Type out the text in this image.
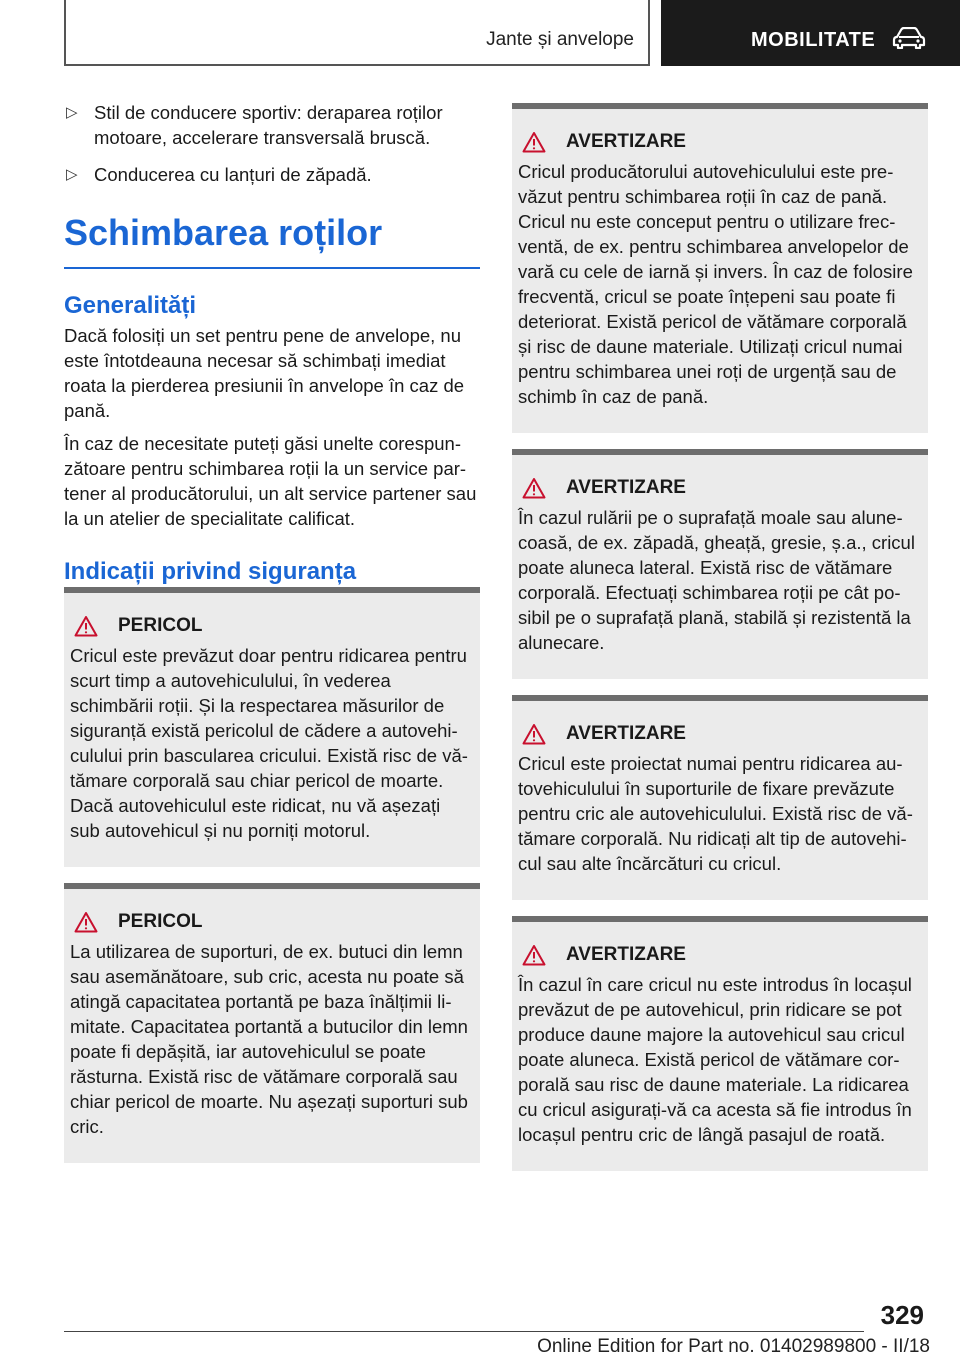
Jante și anvelope	MOBILITATE
▷ Stil de conducere sportiv: deraparea roților motoare, accelerare transversală bruscă.
▷ Conducerea cu lanțuri de zăpadă.
Schimbarea roților
Generalități

Dacă folosiți un set pentru pene de anvelope, nu este întotdeauna necesar să schimbați imediat roata la pierderea presiunii în anvelope în caz de pană.

În caz de necesitate puteți găsi unelte corespunzătoare pentru schimbarea roții la un service partener al producătorului, un alt service partener sau la un atelier de specialitate calificat.

Indicații privind siguranța
PERICOL

Cricul este prevăzut doar pentru ridicarea pentru scurt timp a autovehiculului, în vederea schimbării roții. Și la respectarea măsurilor de siguranță există pericolul de cădere a autovehiculului prin bascularea cricului. Există risc de vătămare corporală sau chiar pericol de moarte. Dacă autovehiculul este ridicat, nu vă așezați sub autovehicul și nu porniți motorul.

PERICOL

La utilizarea de suporturi, de ex. butuci din lemn sau asemănătoare, sub cric, acesta nu poate să atingă capacitatea portantă pe baza înălțimii limitate. Capacitatea portantă a butucilor din lemn poate fi depășită, iar autovehiculul se poate răsturna. Există risc de vătămare corporală sau chiar pericol de moarte. Nu așezați suporturi sub cric.

AVERTIZARE

Cricul producătorului autovehiculului este prevăzut pentru schimbarea roții în caz de pană. Cricul nu este conceput pentru o utilizare frecventă, de ex. pentru schimbarea anvelopelor de vară cu cele de iarnă și invers. În caz de folosire frecventă, cricul se poate înțepeni sau poate fi deteriorat. Există pericol de vătămare corporală și risc de daune materiale. Utilizați cricul numai pentru schimbarea unei roți de urgență sau de schimb în caz de pană.

AVERTIZARE

În cazul rulării pe o suprafață moale sau alunecoasă, de ex. zăpadă, gheață, gresie, ș.a., cricul poate aluneca lateral. Există risc de vătămare corporală. Efectuați schimbarea roții pe cât posibil pe o suprafață plană, stabilă și rezistentă la alunecare.

AVERTIZARE

Cricul este proiectat numai pentru ridicarea autovehiculului în suporturile de fixare prevăzute pentru cric ale autovehiculului. Există risc de vătămare corporală. Nu ridicați alt tip de autovehicul sau alte încărcături cu cricul.

AVERTIZARE

În cazul în care cricul nu este introdus în locașul prevăzut de pe autovehicul, prin ridicare se pot produce daune majore la autovehicul sau cricul poate aluneca. Există pericol de vătămare corporală sau risc de daune materiale. La ridicarea cu cricul asigurați-vă ca acesta să fie introdus în locașul pentru cric de lângă pasajul de roată.

329
Online Edition for Part no. 01402989800 - II/18
